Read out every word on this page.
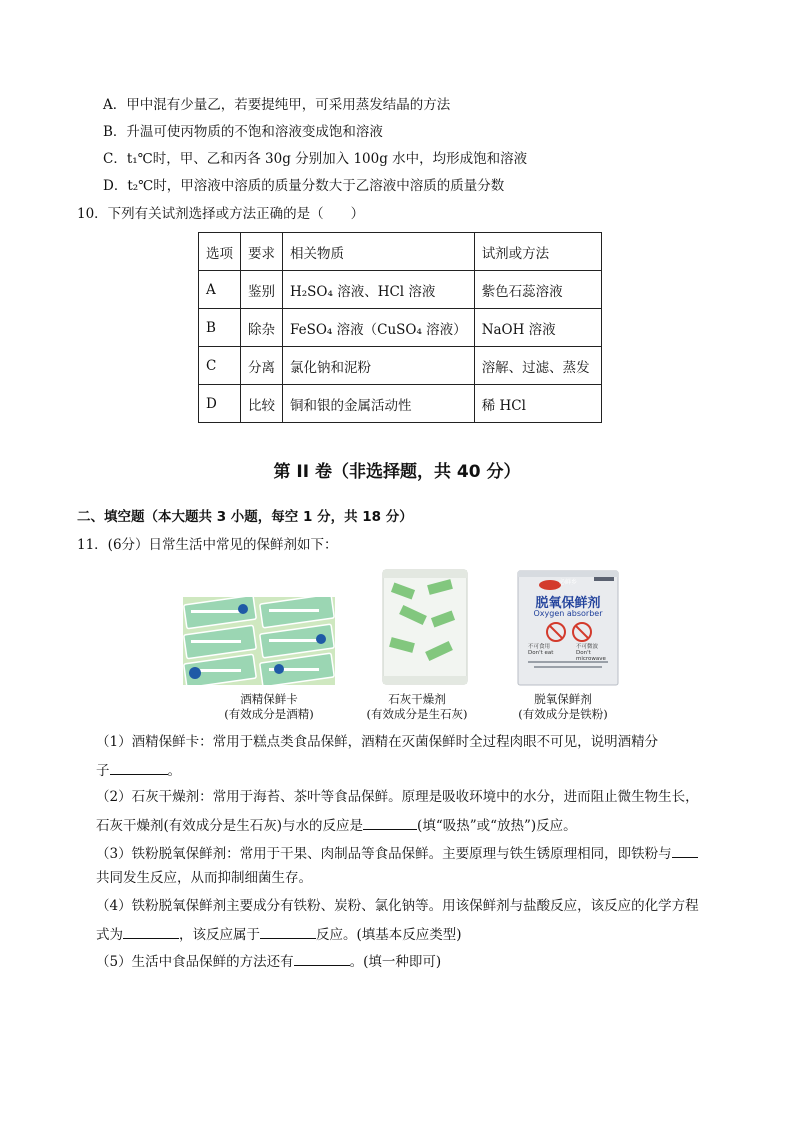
A．甲中混有少量乙，若要提纯甲，可采用蒸发结晶的方法
B．升温可使丙物质的不饱和溶液变成饱和溶液
C．t₁℃时，甲、乙和丙各 30g 分别加入 100g 水中，均形成饱和溶液
D．t₂℃时，甲溶液中溶质的质量分数大于乙溶液中溶质的质量分数
10．下列有关试剂选择或方法正确的是（　　）
选项	要求	相关物质	试剂或方法
A	鉴别	H₂SO₄ 溶液、HCl 溶液	紫色石蕊溶液
B	除杂	FeSO₄ 溶液（CuSO₄ 溶液）	NaOH 溶液
C	分离	氯化钠和泥粉	溶解、过滤、蒸发
D	比较	铜和银的金属活动性	稀 HCl
第 II 卷（非选择题，共 40 分）
二、填空题（本大题共 3 小题，每空 1 分，共 18 分）
11．(6分）日常生活中常见的保鲜剂如下：
必鲜乡
脱氧保鲜剂
Oxygen absorber
不可食用
Don't eat
不可微波
Don't microwave
酒精保鲜卡
(有效成分是酒精)
石灰干燥剂
(有效成分是生石灰)
脱氧保鲜剂
(有效成分是铁粉)
（1）酒精保鲜卡：常用于糕点类食品保鲜，酒精在灭菌保鲜时全过程肉眼不可见，说明酒精分
子	。
（2）石灰干燥剂：常用于海苔、茶叶等食品保鲜。原理是吸收环境中的水分，进而阻止微生物生长，
石灰干燥剂(有效成分是生石灰)与水的反应是	(填“吸热”或“放热”)反应。
（3）铁粉脱氧保鲜剂：常用于干果、肉制品等食品保鲜。主要原理与铁生锈原理相同，即铁粉与
共同发生反应，从而抑制细菌生存。
（4）铁粉脱氧保鲜剂主要成分有铁粉、炭粉、氯化钠等。用该保鲜剂与盐酸反应，该反应的化学方程
式为	，该反应属于	反应。(填基本反应类型)
（5）生活中食品保鲜的方法还有	。(填一种即可)
